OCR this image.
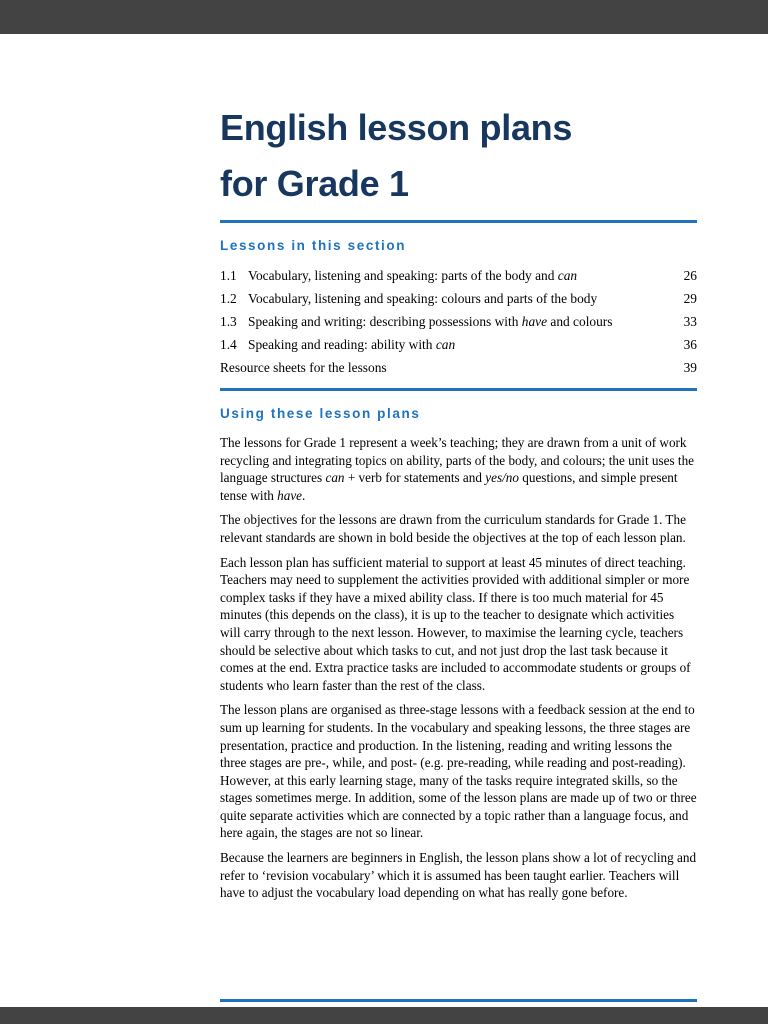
English lesson plans
for Grade 1
Lessons in this section
1.1 Vocabulary, listening and speaking: parts of the body and can	26
1.2 Vocabulary, listening and speaking: colours and parts of the body	29
1.3 Speaking and writing: describing possessions with have and colours	33
1.4 Speaking and reading: ability with can	36
Resource sheets for the lessons	39
Using these lesson plans

The lessons for Grade 1 represent a week’s teaching; they are drawn from a unit of work recycling and integrating topics on ability, parts of the body, and colours; the unit uses the language structures can + verb for statements and yes/no questions, and simple present tense with have.

The objectives for the lessons are drawn from the curriculum standards for Grade 1. The relevant standards are shown in bold beside the objectives at the top of each lesson plan.

Each lesson plan has sufficient material to support at least 45 minutes of direct teaching. Teachers may need to supplement the activities provided with additional simpler or more complex tasks if they have a mixed ability class. If there is too much material for 45 minutes (this depends on the class), it is up to the teacher to designate which activities will carry through to the next lesson. However, to maximise the learning cycle, teachers should be selective about which tasks to cut, and not just drop the last task because it comes at the end. Extra practice tasks are included to accommodate students or groups of students who learn faster than the rest of the class.

The lesson plans are organised as three-stage lessons with a feedback session at the end to sum up learning for students. In the vocabulary and speaking lessons, the three stages are presentation, practice and production. In the listening, reading and writing lessons the three stages are pre-, while, and post- (e.g. pre-reading, while reading and post-reading). However, at this early learning stage, many of the tasks require integrated skills, so the stages sometimes merge. In addition, some of the lesson plans are made up of two or three quite separate activities which are connected by a topic rather than a language focus, and here again, the stages are not so linear.

Because the learners are beginners in English, the lesson plans show a lot of recycling and refer to ‘revision vocabulary’ which it is assumed has been taught earlier. Teachers will have to adjust the vocabulary load depending on what has really gone before.
